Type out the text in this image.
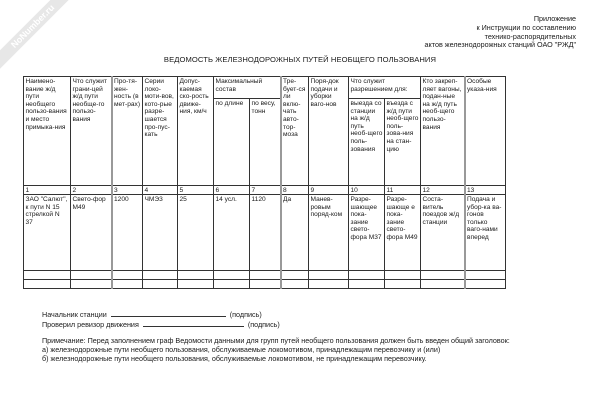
NoNumber.ru	Приложение
к Инструкции по составлению
технико-распорядительных
актов железнодорожных станций ОАО "РЖД"
ВЕДОМОСТЬ ЖЕЛЕЗНОДОРОЖНЫХ ПУТЕЙ НЕОБЩЕГО ПОЛЬЗОВАНИЯ
Наимено-вание ж/д пути необщего пользо-вания и место примыка-ния	Что служит грани-цей ж/д пути необще-го пользо-вания	Про-тя-жен-ность (в мет-рах)	Серии локо-моти-вов, кото-рые разре-шается про-пус-кать	Допус-каемая ско-рость движе-ния, км/ч	Максимальный состав		Тре-бует-ся ли вклю-чать авто-тор-моза	Поря-док подачи и уборки ваго-нов	Что служит разрешением для:		Кто закреп-ляет вагоны, подан-ные на ж/д путь необ-щего пользо-вания	Особые указа-ния
					по длине	по весу, тонн			выезда со станции на ж/д путь необ-щего поль-зования	въезда с ж/д пути необ-щего поль-зова-ния на стан-цию		
1	2	3	4	5	6	7	8	9	10	11	12	13
ЗАО "Салют", к пути N 15 стрелкой N 37	Свето-фор М49	1200	ЧМЭ3	25	14 усл.	1120	Да	Манев-ровым поряд-ком	Разре-шающее пока-зание свето-фора М37	Разре-шающе е пока-зание свето-фора М49	Соста-витель поездов ж/д станции	Подача и убор-ка ва-гонов только ваго-нами вперед

Начальник станции	(подпись)
Проверил ревизор движения	(подпись)
Примечание: Перед заполнением граф Ведомости данными для групп путей необщего пользования должен быть введен общий заголовок:
а) железнодорожные пути необщего пользования, обслуживаемые локомотивом, принадлежащим перевозчику и (или)
б) железнодорожные пути необщего пользования, обслуживаемые локомотивом, не принадлежащим перевозчику.
